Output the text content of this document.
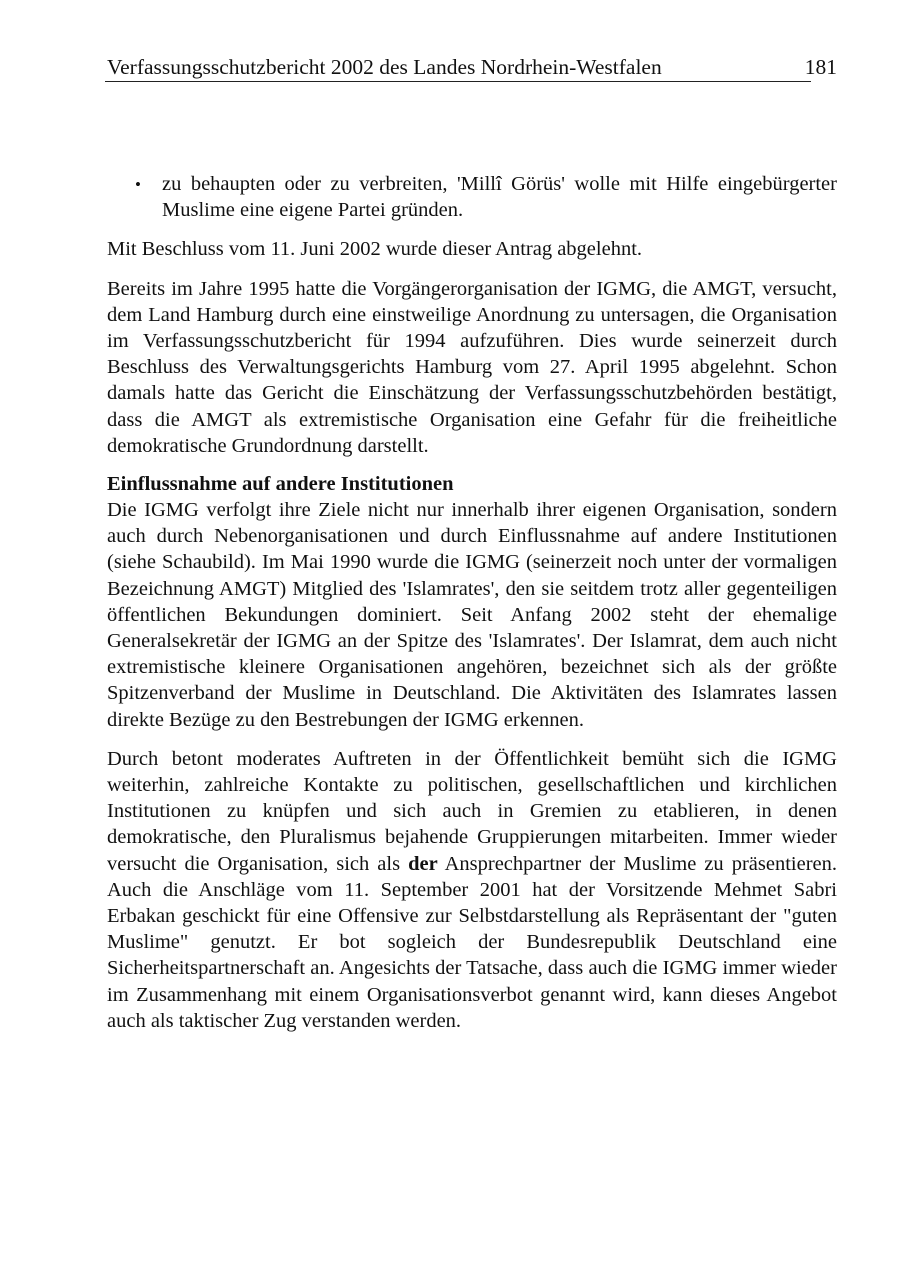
Verfassungsschutzbericht 2002 des Landes Nordrhein-Westfalen	181
•	zu behaupten oder zu verbreiten, 'Millî Görüs' wolle mit Hilfe eingebürgerter Muslime eine eigene Partei gründen.

Mit Beschluss vom 11. Juni 2002 wurde dieser Antrag abgelehnt.

Bereits im Jahre 1995 hatte die Vorgängerorganisation der IGMG, die AMGT, versucht, dem Land Hamburg durch eine einstweilige Anordnung zu untersagen, die Organisation im Verfassungsschutzbericht für 1994 aufzuführen. Dies wurde seinerzeit durch Beschluss des Verwaltungsgerichts Hamburg vom 27. April 1995 abgelehnt. Schon damals hatte das Gericht die Einschätzung der Verfassungsschutzbehörden bestätigt, dass die AMGT als extremistische Organisation eine Gefahr für die freiheitliche demokratische Grundordnung darstellt.

Einflussnahme auf andere Institutionen

Die IGMG verfolgt ihre Ziele nicht nur innerhalb ihrer eigenen Organisation, sondern auch durch Nebenorganisationen und durch Einflussnahme auf andere Institutionen (siehe Schaubild). Im Mai 1990 wurde die IGMG (seinerzeit noch unter der vormaligen Bezeichnung AMGT) Mitglied des 'Islamrates', den sie seitdem trotz aller gegenteiligen öffentlichen Bekundungen dominiert. Seit Anfang 2002 steht der ehemalige Generalsekretär der IGMG an der Spitze des 'Islamrates'. Der Islamrat, dem auch nicht extremistische kleinere Organisationen angehören, bezeichnet sich als der größte Spitzenverband der Muslime in Deutschland. Die Aktivitäten des Islamrates lassen direkte Bezüge zu den Bestrebungen der IGMG erkennen.

Durch betont moderates Auftreten in der Öffentlichkeit bemüht sich die IGMG weiterhin, zahlreiche Kontakte zu politischen, gesellschaftlichen und kirchlichen Institutionen zu knüpfen und sich auch in Gremien zu etablieren, in denen demokratische, den Pluralismus bejahende Gruppierungen mitarbeiten. Immer wieder versucht die Organisation, sich als der Ansprechpartner der Muslime zu präsentieren. Auch die Anschläge vom 11. September 2001 hat der Vorsitzende Mehmet Sabri Erbakan geschickt für eine Offensive zur Selbstdarstellung als Repräsentant der "guten Muslime" genutzt. Er bot sogleich der Bundesrepublik Deutschland eine Sicherheitspartnerschaft an. Angesichts der Tatsache, dass auch die IGMG immer wieder im Zusammenhang mit einem Organisationsverbot genannt wird, kann dieses Angebot auch als taktischer Zug verstanden werden.
